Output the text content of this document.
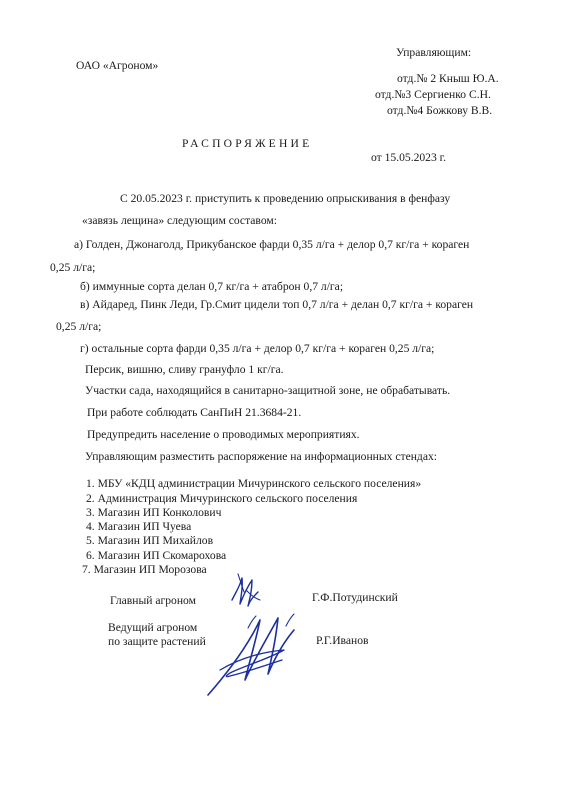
ОАО «Агроном»
Управляющим:
отд.№ 2 Кныш Ю.А.
отд.№3 Сергиенко С.Н.
отд.№4 Божкову В.В.
РАСПОРЯЖЕНИЕ
от 15.05.2023 г.
С 20.05.2023 г. приступить к проведению опрыскивания в фенфазу
«завязь лещина» следующим составом:
а) Голден, Джонаголд, Прикубанское фарди 0,35 л/га + делор 0,7 кг/га + кораген
0,25 л/га;
б) иммунные сорта делан 0,7 кг/га + атаброн 0,7 л/га;
в) Айдаред, Пинк Леди, Гр.Смит цидели топ 0,7 л/га + делан 0,7 кг/га + кораген
0,25 л/га;
г) остальные сорта фарди 0,35 л/га + делор 0,7 кг/га + кораген 0,25 л/га;
Персик, вишню, сливу грануфло 1 кг/га.
Участки сада, находящийся в санитарно-защитной зоне, не обрабатывать.
При работе соблюдать СанПиН 21.3684-21.
Предупредить население о проводимых мероприятиях.
Управляющим разместить распоряжение на информационных стендах:
1. МБУ «КДЦ администрации Мичуринского сельского поселения»
2. Администрация Мичуринского сельского поселения
3. Магазин ИП Конколович
4. Магазин ИП Чуева
5. Магазин ИП Михайлов
6. Магазин ИП Скомарохова
7. Магазин ИП Морозова
Главный агроном	Г.Ф.Потудинский
Ведущий агроном
по защите растений	Р.Г.Иванов
